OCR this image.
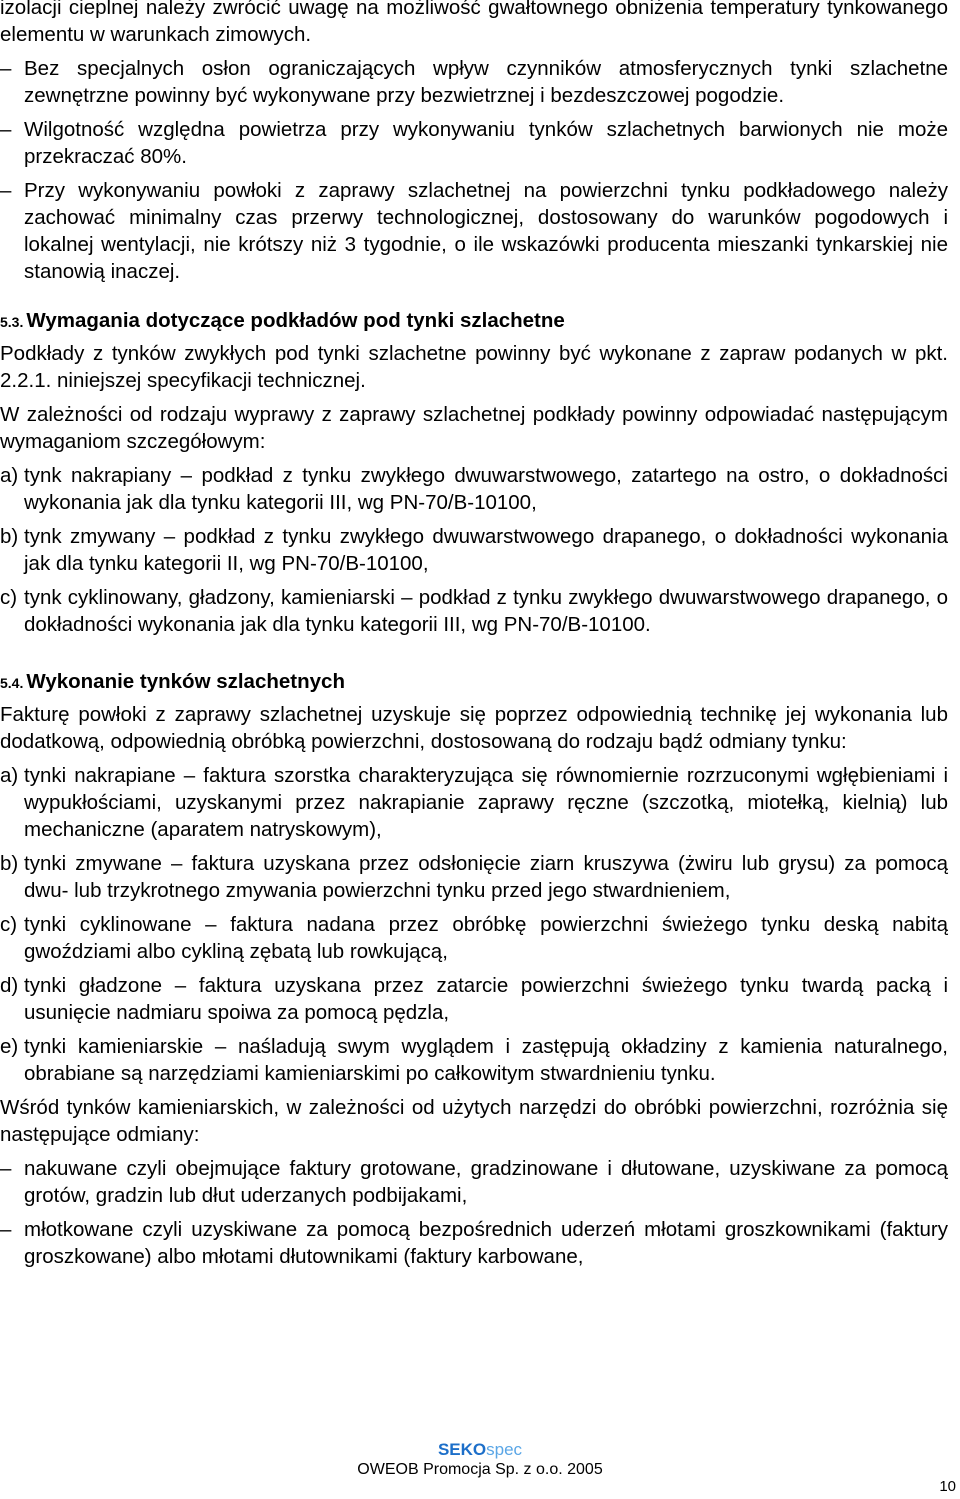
izolacji cieplnej należy zwrócić uwagę na możliwość gwałtownego obniżenia temperatury tynkowanego elementu w warunkach zimowych.

– Bez specjalnych osłon ograniczających wpływ czynników atmosferycznych tynki szlachetne zewnętrzne powinny być wykonywane przy bezwietrznej i bezdeszczowej pogodzie.

– Wilgotność względna powietrza przy wykonywaniu tynków szlachetnych barwionych nie może przekraczać 80%.

– Przy wykonywaniu powłoki z zaprawy szlachetnej na powierzchni tynku podkładowego należy zachować minimalny czas przerwy technologicznej, dostosowany do warunków pogodowych i lokalnej wentylacji, nie krótszy niż 3 tygodnie, o ile wskazówki producenta mieszanki tynkarskiej nie stanowią inaczej.

5.3. Wymagania dotyczące podkładów pod tynki szlachetne

Podkłady z tynków zwykłych pod tynki szlachetne powinny być wykonane z zapraw podanych w pkt. 2.2.1. niniejszej specyfikacji technicznej.

W zależności od rodzaju wyprawy z zaprawy szlachetnej podkłady powinny odpowiadać następującym wymaganiom szczegółowym:

a) tynk nakrapiany – podkład z tynku zwykłego dwuwarstwowego, zatartego na ostro, o dokładności wykonania jak dla tynku kategorii III, wg PN-70/B-10100,

b) tynk zmywany – podkład z tynku zwykłego dwuwarstwowego drapanego, o dokładności wykonania jak dla tynku kategorii II, wg PN-70/B-10100,

c) tynk cyklinowany, gładzony, kamieniarski – podkład z tynku zwykłego dwuwarstwowego drapanego, o dokładności wykonania jak dla tynku kategorii III, wg PN-70/B-10100.

5.4. Wykonanie tynków szlachetnych

Fakturę powłoki z zaprawy szlachetnej uzyskuje się poprzez odpowiednią technikę jej wykonania lub dodatkową, odpowiednią obróbką powierzchni, dostosowaną do rodzaju bądź odmiany tynku:

a) tynki nakrapiane – faktura szorstka charakteryzująca się równomiernie rozrzuconymi wgłębieniami i wypukłościami, uzyskanymi przez nakrapianie zaprawy ręczne (szczotką, miotełką, kielnią) lub mechaniczne (aparatem natryskowym),

b) tynki zmywane – faktura uzyskana przez odsłonięcie ziarn kruszywa (żwiru lub grysu) za pomocą dwu- lub trzykrotnego zmywania powierzchni tynku przed jego stwardnieniem,

c) tynki cyklinowane – faktura nadana przez obróbkę powierzchni świeżego tynku deską nabitą gwoździami albo cykliną zębatą lub rowkującą,

d) tynki gładzone – faktura uzyskana przez zatarcie powierzchni świeżego tynku twardą packą i usunięcie nadmiaru spoiwa za pomocą pędzla,

e) tynki kamieniarskie – naśladują swym wyglądem i zastępują okładziny z kamienia naturalnego, obrabiane są narzędziami kamieniarskimi po całkowitym stwardnieniu tynku.

Wśród tynków kamieniarskich, w zależności od użytych narzędzi do obróbki powierzchni, rozróżnia się następujące odmiany:

– nakuwane czyli obejmujące faktury grotowane, gradzinowane i dłutowane, uzyskiwane za pomocą grotów, gradzin lub dłut uderzanych podbijakami,

– młotkowane czyli uzyskiwane za pomocą bezpośrednich uderzeń młotami groszkownikami (faktury groszkowane) albo młotami dłutownikami (faktury karbowane,

SEKOspec
OWEOB Promocja Sp. z o.o. 2005
10
